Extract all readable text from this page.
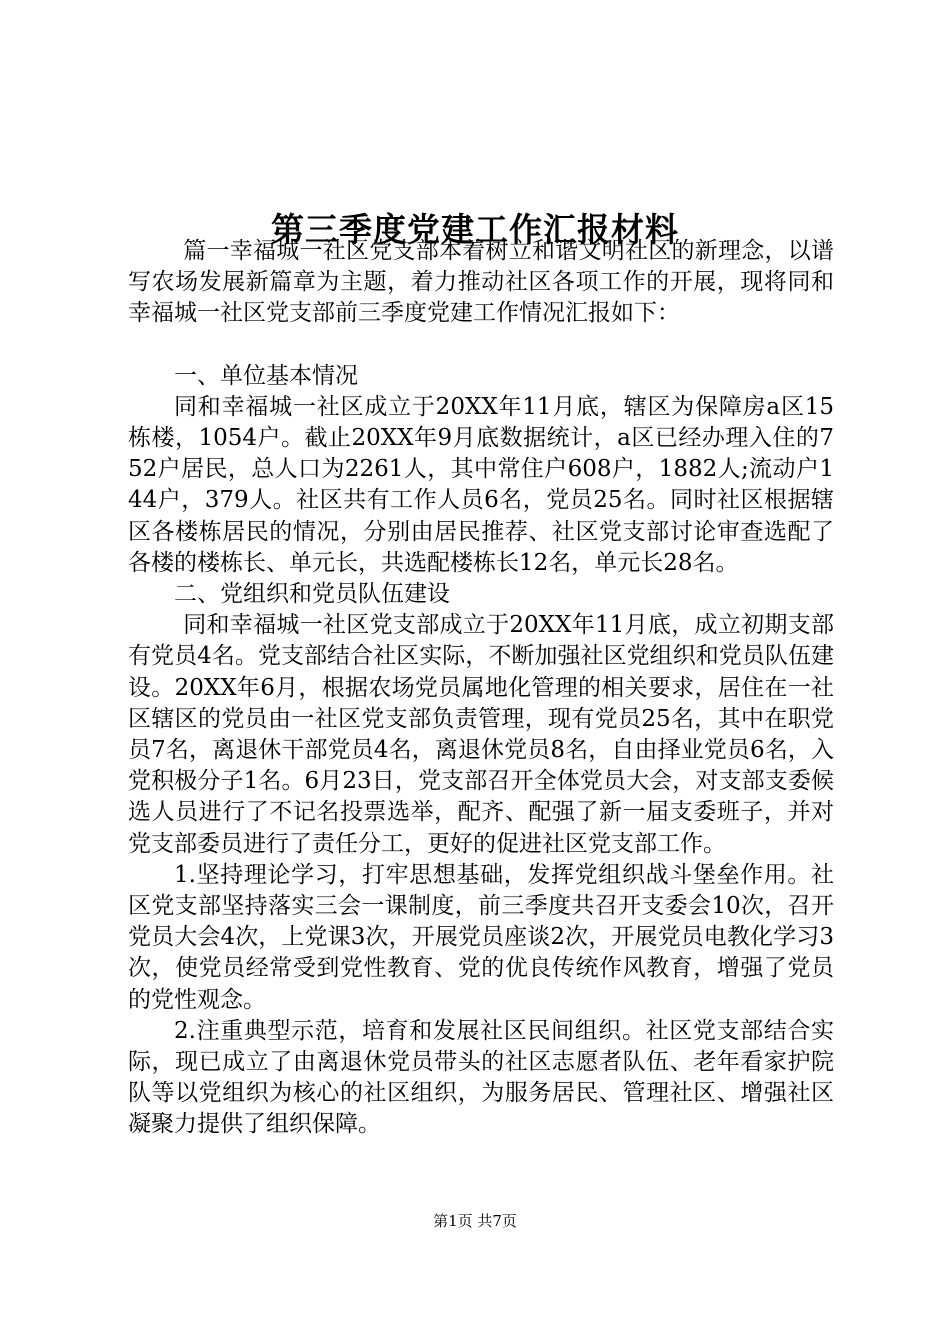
第三季度党建工作汇报材料

篇一幸福城一社区党支部本着树立和谐文明社区的新理念，以谱写农场发展新篇章为主题，着力推动社区各项工作的开展，现将同和幸福城一社区党支部前三季度党建工作情况汇报如下：

一、单位基本情况

同和幸福城一社区成立于20XX年11月底，辖区为保障房a区15栋楼，1054户。截止20XX年9月底数据统计，a区已经办理入住的752户居民，总人口为2261人，其中常住户608户，1882人;流动户144户，379人。社区共有工作人员6名，党员25名。同时社区根据辖区各楼栋居民的情况，分别由居民推荐、社区党支部讨论审查选配了各楼的楼栋长、单元长，共选配楼栋长12名，单元长28名。

二、党组织和党员队伍建设

同和幸福城一社区党支部成立于20XX年11月底，成立初期支部有党员4名。党支部结合社区实际，不断加强社区党组织和党员队伍建设。20XX年6月，根据农场党员属地化管理的相关要求，居住在一社区辖区的党员由一社区党支部负责管理，现有党员25名，其中在职党员7名，离退休干部党员4名，离退休党员8名，自由择业党员6名，入党积极分子1名。6月23日，党支部召开全体党员大会，对支部支委候选人员进行了不记名投票选举，配齐、配强了新一届支委班子，并对党支部委员进行了责任分工，更好的促进社区党支部工作。

1.坚持理论学习，打牢思想基础，发挥党组织战斗堡垒作用。社区党支部坚持落实三会一课制度，前三季度共召开支委会10次，召开党员大会4次，上党课3次，开展党员座谈2次，开展党员电教化学习3次，使党员经常受到党性教育、党的优良传统作风教育，增强了党员的党性观念。

2.注重典型示范，培育和发展社区民间组织。社区党支部结合实际，现已成立了由离退休党员带头的社区志愿者队伍、老年看家护院队等以党组织为核心的社区组织，为服务居民、管理社区、增强社区凝聚力提供了组织保障。

第1页 共7页
